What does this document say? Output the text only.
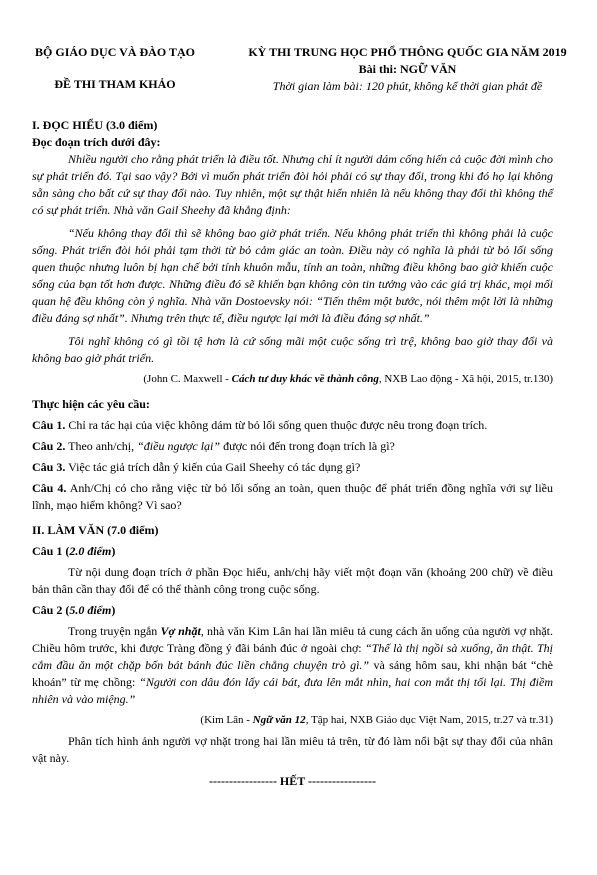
BỘ GIÁO DỤC VÀ ĐÀO TẠO
ĐỀ THI THAM KHẢO
KỲ THI TRUNG HỌC PHỔ THÔNG QUỐC GIA NĂM 2019
Bài thi: NGỮ VĂN
Thời gian làm bài: 120 phút, không kể thời gian phát đề
I. ĐỌC HIỂU (3.0 điểm)
Đọc đoạn trích dưới đây:

Nhiều người cho rằng phát triển là điều tốt. Nhưng chỉ ít người dám cống hiến cả cuộc đời mình cho sự phát triển đó. Tại sao vậy? Bởi vì muốn phát triển đòi hỏi phải có sự thay đổi, trong khi đó họ lại không sẵn sàng cho bất cứ sự thay đổi nào. Tuy nhiên, một sự thật hiển nhiên là nếu không thay đổi thì không thể có sự phát triển. Nhà văn Gail Sheehy đã khẳng định:

“Nếu không thay đổi thì sẽ không bao giờ phát triển. Nếu không phát triển thì không phải là cuộc sống. Phát triển đòi hỏi phải tạm thời từ bỏ cảm giác an toàn. Điều này có nghĩa là phải từ bỏ lối sống quen thuộc nhưng luôn bị hạn chế bởi tính khuôn mẫu, tính an toàn, những điều không bao giờ khiến cuộc sống của bạn tốt hơn được. Những điều đó sẽ khiến bạn không còn tin tưởng vào các giá trị khác, mọi mối quan hệ đều không còn ý nghĩa. Nhà văn Dostoevsky nói: “Tiến thêm một bước, nói thêm một lời là những điều đáng sợ nhất”. Nhưng trên thực tế, điều ngược lại mới là điều đáng sợ nhất.”

Tôi nghĩ không có gì tồi tệ hơn là cứ sống mãi một cuộc sống trì trệ, không bao giờ thay đổi và không bao giờ phát triển.

(John C. Maxwell - Cách tư duy khác về thành công, NXB Lao động - Xã hội, 2015, tr.130)
Thực hiện các yêu cầu:

Câu 1. Chỉ ra tác hại của việc không dám từ bỏ lối sống quen thuộc được nêu trong đoạn trích.

Câu 2. Theo anh/chị, “điều ngược lại” được nói đến trong đoạn trích là gì?

Câu 3. Việc tác giả trích dẫn ý kiến của Gail Sheehy có tác dụng gì?

Câu 4. Anh/Chị có cho rằng việc từ bỏ lối sống an toàn, quen thuộc để phát triển đồng nghĩa với sự liều lĩnh, mạo hiểm không? Vì sao?

II. LÀM VĂN (7.0 điểm)
Câu 1 (2.0 điểm)

Từ nội dung đoạn trích ở phần Đọc hiểu, anh/chị hãy viết một đoạn văn (khoảng 200 chữ) về điều bản thân cần thay đổi để có thể thành công trong cuộc sống.

Câu 2 (5.0 điểm)

Trong truyện ngắn Vợ nhặt, nhà văn Kim Lân hai lần miêu tả cung cách ăn uống của người vợ nhặt. Chiều hôm trước, khi được Tràng đồng ý đãi bánh đúc ở ngoài chợ: “Thế là thị ngồi sà xuống, ăn thật. Thị cắm đầu ăn một chặp bốn bát bánh đúc liền chẳng chuyện trò gì.” và sáng hôm sau, khi nhận bát “chè khoán” từ mẹ chồng: “Người con dâu đón lấy cái bát, đưa lên mắt nhìn, hai con mắt thị tối lại. Thị điềm nhiên và vào miệng.”

(Kim Lân - Ngữ văn 12, Tập hai, NXB Giáo dục Việt Nam, 2015, tr.27 và tr.31)

Phân tích hình ảnh người vợ nhặt trong hai lần miêu tả trên, từ đó làm nổi bật sự thay đổi của nhân vật này.

----------------- HẾT -----------------
